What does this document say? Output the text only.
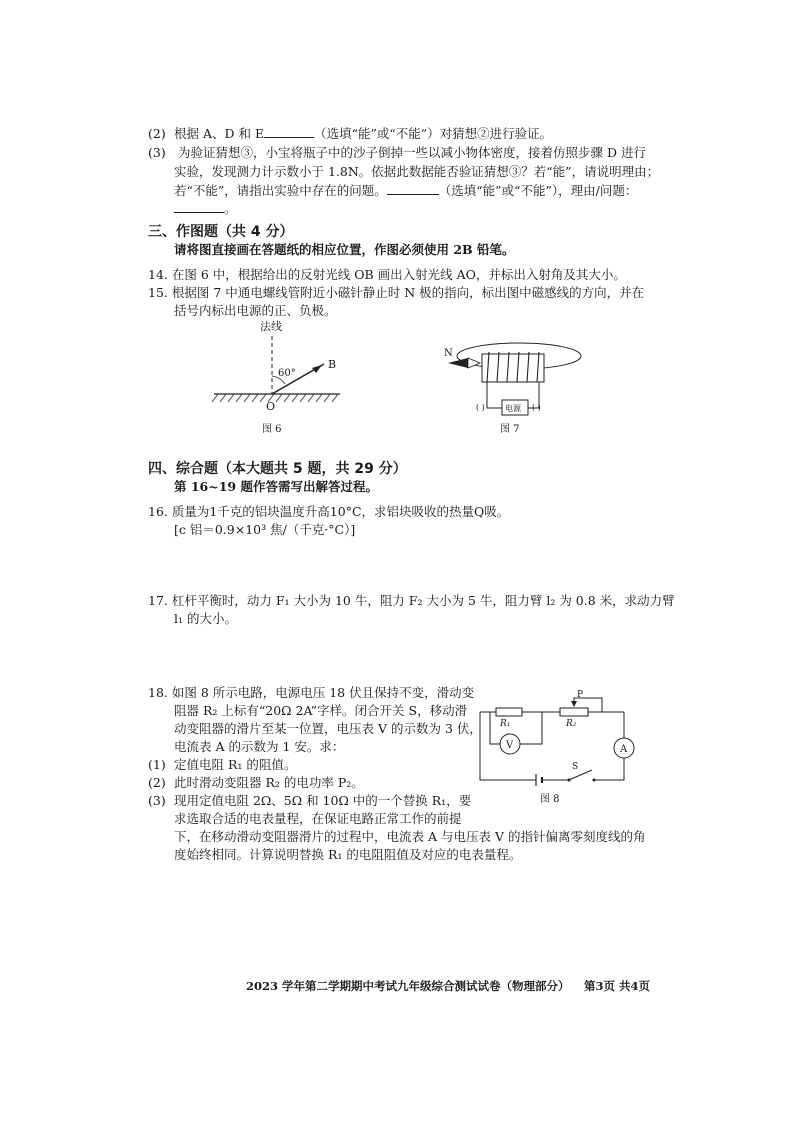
(2) 根据 A、D 和 E	（选填“能”或“不能”）对猜想②进行验证。
(3) 为验证猜想③，小宝将瓶子中的沙子倒掉一些以减小物体密度，接着仿照步骤 D 进行
实验，发现测力计示数小于 1.8N。依据此数据能否验证猜想③？若“能”，请说明理由；
若“不能”，请指出实验中存在的问题。	（选填“能”或“不能”），理由/问题：
。
三、作图题（共 4 分）
请将图直接画在答题纸的相应位置，作图必须使用 2B 铅笔。
14. 在图 6 中，根据给出的反射光线 OB 画出入射光线 AO，并标出入射角及其大小。
15. 根据图 7 中通电螺线管附近小磁针静止时 N 极的指向，标出图中磁感线的方向，并在
括号内标出电源的正、负极。
法线
60°
B
O
图 6
N
电源
( )	( )
图 7
四、综合题（本大题共 5 题，共 29 分）
第 16~19 题作答需写出解答过程。
16. 质量为1千克的铝块温度升高10°C，求铝块吸收的热量Q吸。
[c 铝＝0.9×10³ 焦/（千克·°C）]
17. 杠杆平衡时，动力 F₁ 大小为 10 牛，阻力 F₂ 大小为 5 牛，阻力臂 l₂ 为 0.8 米，求动力臂
l₁ 的大小。
18. 如图 8 所示电路，电源电压 18 伏且保持不变，滑动变
阻器 R₂ 上标有“20Ω 2A”字样。闭合开关 S，移动滑
动变阻器的滑片至某一位置，电压表 V 的示数为 3 伏，
电流表 A 的示数为 1 安。求：
(1) 定值电阻 R₁ 的阻值。
(2) 此时滑动变阻器 R₂ 的电功率 P₂。
(3) 现用定值电阻 2Ω、5Ω 和 10Ω 中的一个替换 R₁，要
求选取合适的电表量程，在保证电路正常工作的前提
下，在移动滑动变阻器滑片的过程中，电流表 A 与电压表 V 的指针偏离零刻度线的角
度始终相同。计算说明替换 R₁ 的电阻阻值及对应的电表量程。
P
R₁	R₂
V
S
A
图 8
2023 学年第二学期期中考试九年级综合测试试卷（物理部分） 第3页 共4页
